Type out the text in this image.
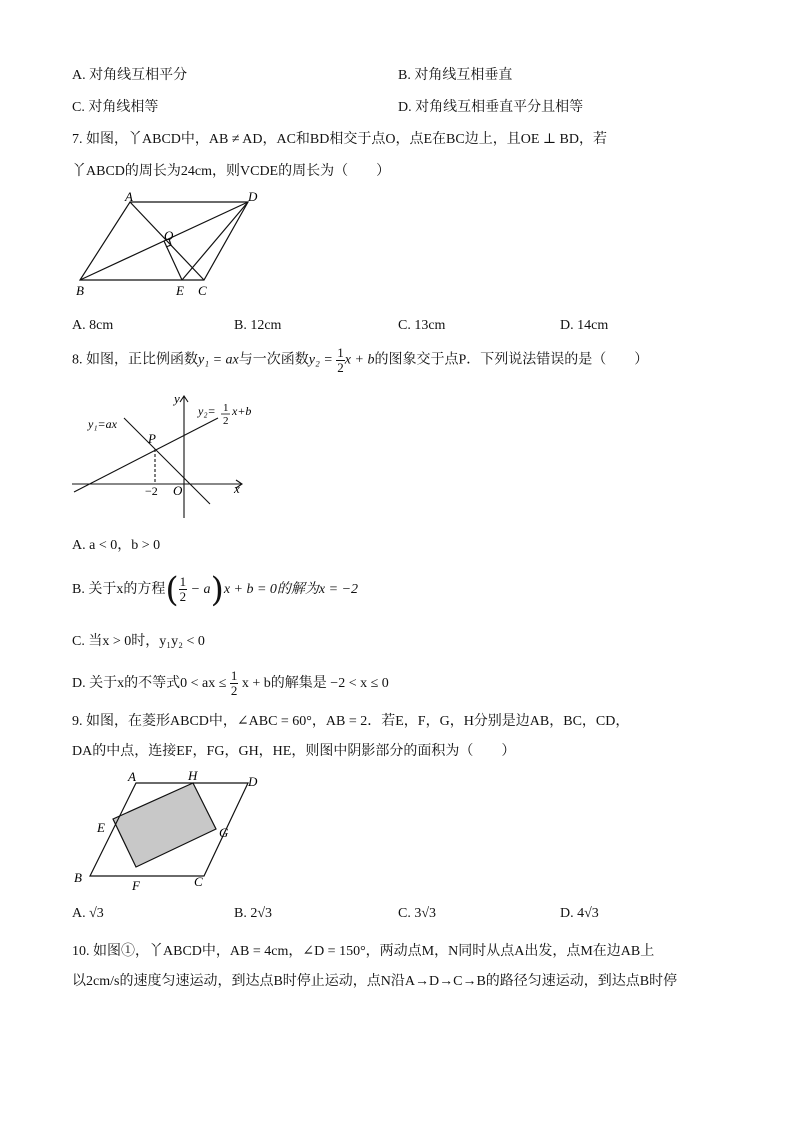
A. 对角线互相平分	B. 对角线互相垂直
C. 对角线相等	D. 对角线互相垂直平分且相等
7. 如图，丫ABCD中，AB ≠ AD，AC和BD相交于点O，点E在BC边上，且OE ⊥ BD，若
丫ABCD的周长为24cm，则VCDE的周长为（　　）
A	D
O
B	E C
A. 8cm	B. 12cm	C. 13cm	D. 14cm
8. 如图，正比例函数y₁ = ax与一次函数$y_2 = \frac{1}{2}$ x + b的图象交于点P．下列说法错误的是（　　）
y
x
O
P
−2
y₁=ax
y₂= 1
2
x+b
A. a < 0，b > 0
B. 关于x的方程( $\frac{1}{2} - a)x + b = 0$的解为x = −2
C. 当x > 0时，y₁y₂ < 0
D. 关于x的不等式0 < ax ≤ $\frac{1}{2}$ x + b的解集是 −2 < x ≤ 0
9. 如图，在菱形ABCD中，∠ABC = 60°，AB = 2．若E，F，G，H分别是边AB，BC，CD，
DA的中点，连接EF，FG，GH，HE，则图中阴影部分的面积为（　　）
A	H	D
E	G
B
F	C
A. √3	B. 2√3	C. 3√3	D. 4√3
10. 如图①，丫ABCD中，AB = 4cm，∠D = 150°，两动点M，N同时从点A出发，点M在边AB上
以2cm/s的速度匀速运动，到达点B时停止运动，点N沿A→D→C→B的路径匀速运动，到达点B时停
